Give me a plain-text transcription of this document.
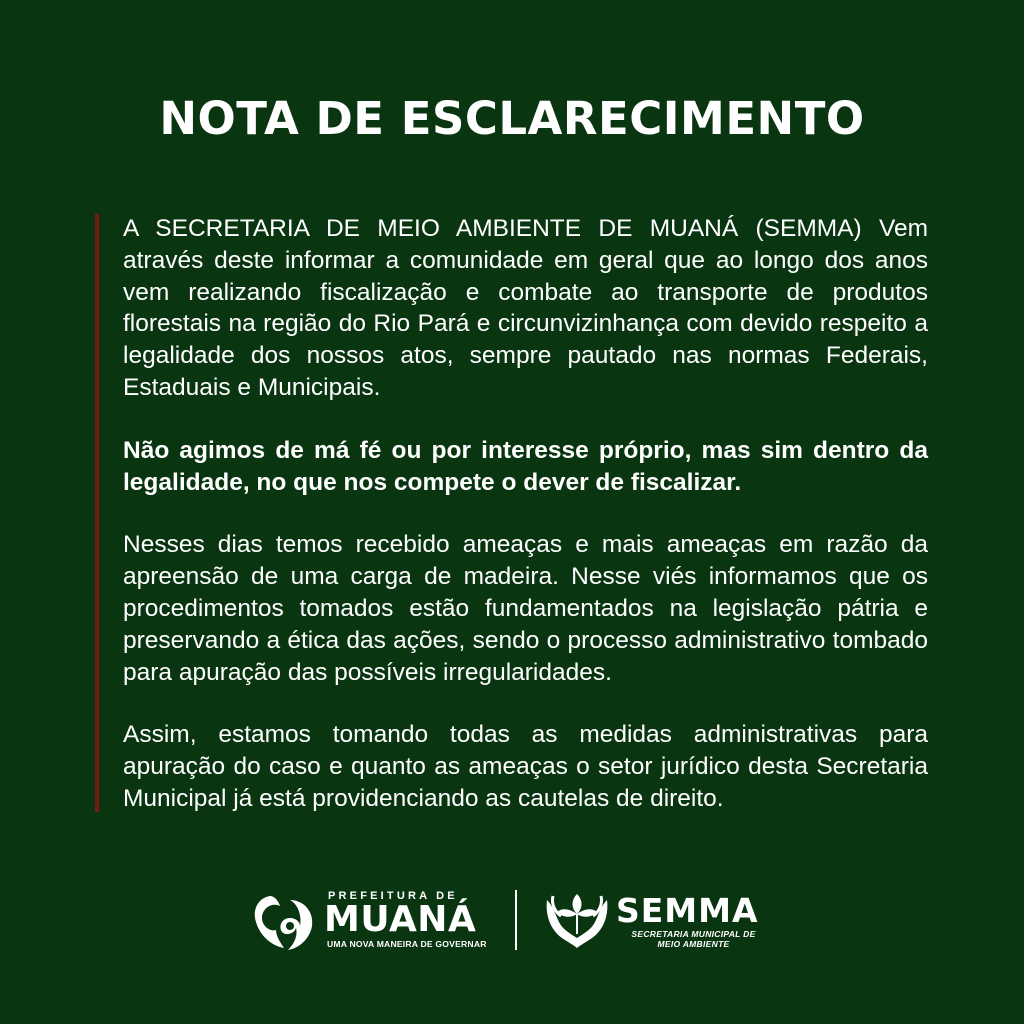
NOTA DE ESCLARECIMENTO

A SECRETARIA DE MEIO AMBIENTE DE MUANÁ (SEMMA) Vem através deste informar a comunidade em geral que ao longo dos anos vem realizando fiscalização e combate ao transporte de produtos florestais na região do Rio Pará e circunvizinhança com devido respeito a legalidade dos nossos atos, sempre pautado nas normas Federais, Estaduais e Municipais.

Não agimos de má fé ou por interesse próprio, mas sim dentro da legalidade, no que nos compete o dever de fiscalizar.

Nesses dias temos recebido ameaças e mais ameaças em razão da apreensão de uma carga de madeira. Nesse viés informamos que os procedimentos tomados estão fundamentados na legislação pátria e preservando a ética das ações, sendo o processo administrativo tombado para apuração das possíveis irregularidades.

Assim, estamos tomando todas as medidas administrativas para apuração do caso e quanto as ameaças o setor jurídico desta Secretaria Municipal já está providenciando as cautelas de direito.

PREFEITURA DE
MUANÁ
UMA NOVA MANEIRA DE GOVERNAR
SEMMA
SECRETARIA MUNICIPAL DE MEIO AMBIENTE
